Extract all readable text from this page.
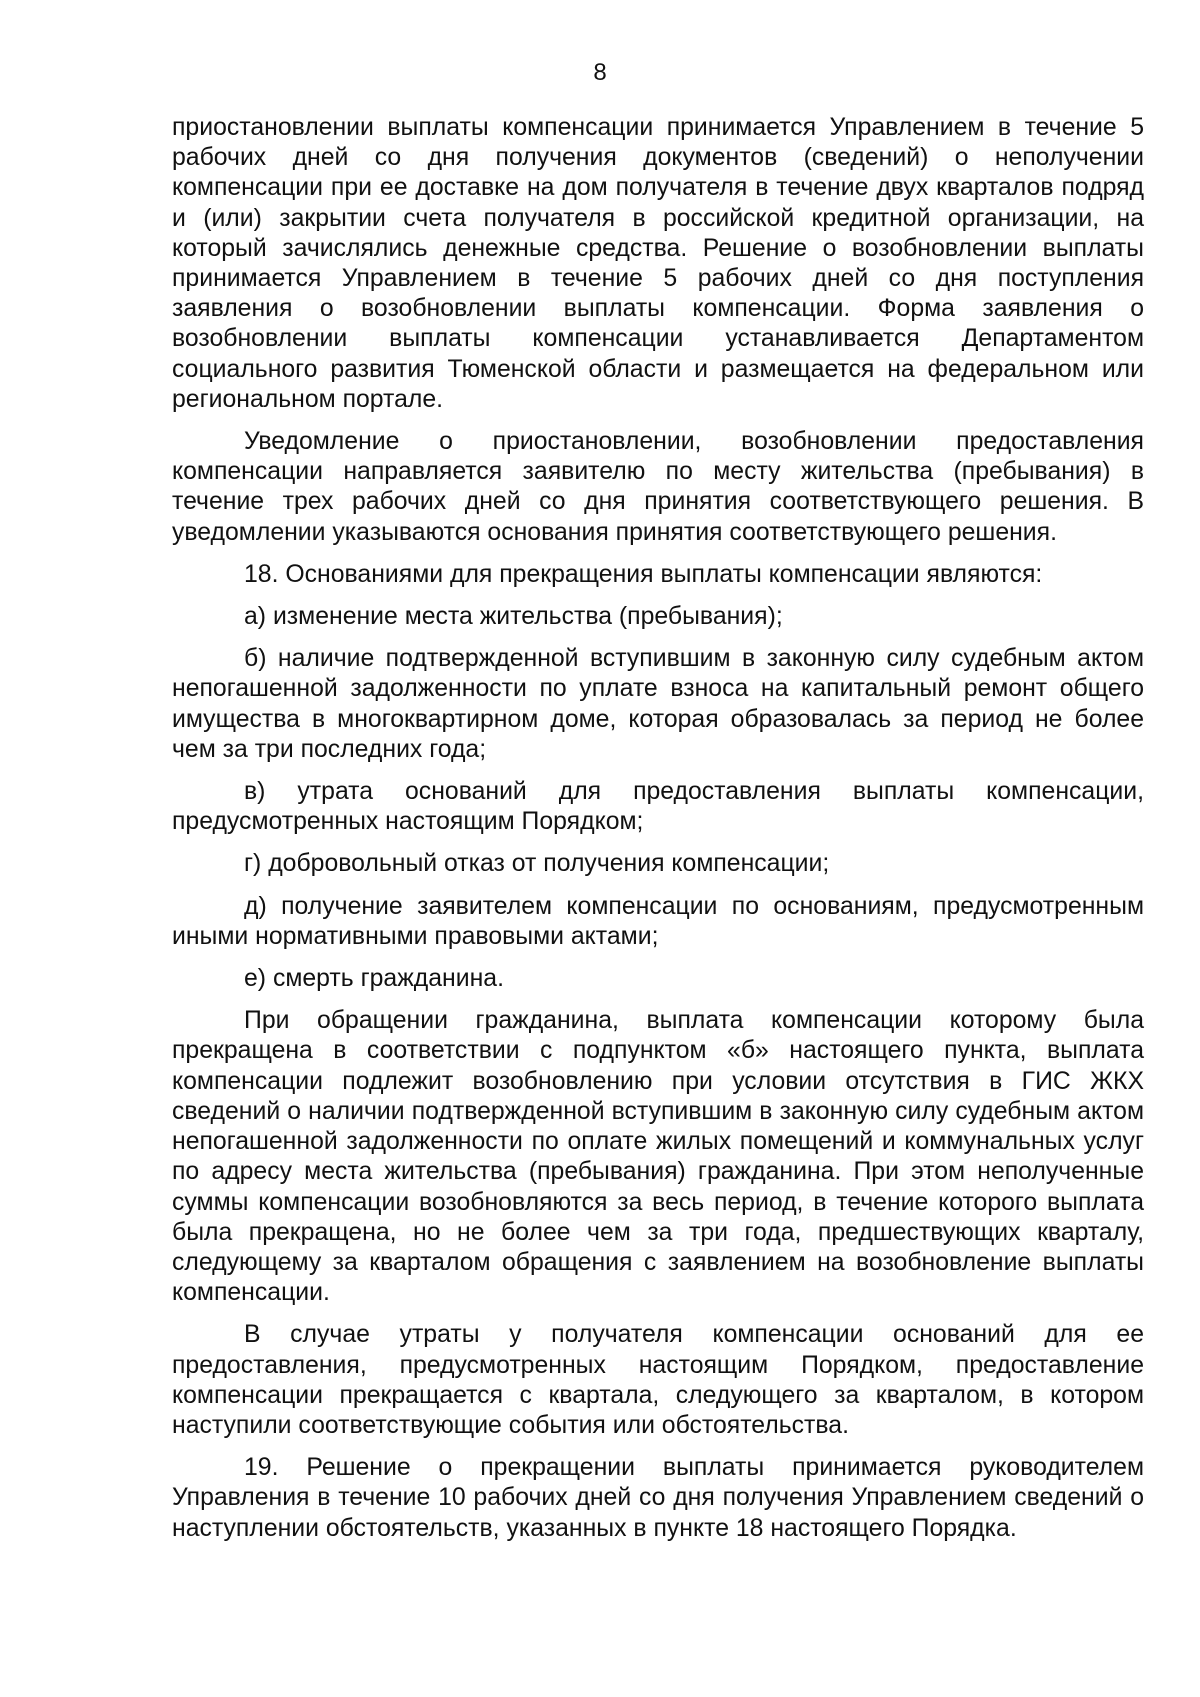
8

приостановлении выплаты компенсации принимается Управлением в течение 5 рабочих дней со дня получения документов (сведений) о неполучении компенсации при ее доставке на дом получателя в течение двух кварталов подряд и (или) закрытии счета получателя в российской кредитной организации, на который зачислялись денежные средства. Решение о возобновлении выплаты принимается Управлением в течение 5 рабочих дней со дня поступления заявления о возобновлении выплаты компенсации. Форма заявления о возобновлении выплаты компенсации устанавливается Департаментом социального развития Тюменской области и размещается на федеральном или региональном портале.

Уведомление о приостановлении, возобновлении предоставления компенсации направляется заявителю по месту жительства (пребывания) в течение трех рабочих дней со дня принятия соответствующего решения. В уведомлении указываются основания принятия соответствующего решения.

18. Основаниями для прекращения выплаты компенсации являются:

а) изменение места жительства (пребывания);

б) наличие подтвержденной вступившим в законную силу судебным актом непогашенной задолженности по уплате взноса на капитальный ремонт общего имущества в многоквартирном доме, которая образовалась за период не более чем за три последних года;

в) утрата оснований для предоставления выплаты компенсации, предусмотренных настоящим Порядком;

г) добровольный отказ от получения компенсации;

д) получение заявителем компенсации по основаниям, предусмотренным иными нормативными правовыми актами;

е) смерть гражданина.

При обращении гражданина, выплата компенсации которому была прекращена в соответствии с подпунктом «б» настоящего пункта, выплата компенсации подлежит возобновлению при условии отсутствия в ГИС ЖКХ сведений о наличии подтвержденной вступившим в законную силу судебным актом непогашенной задолженности по оплате жилых помещений и коммунальных услуг по адресу места жительства (пребывания) гражданина. При этом неполученные суммы компенсации возобновляются за весь период, в течение которого выплата была прекращена, но не более чем за три года, предшествующих кварталу, следующему за кварталом обращения с заявлением на возобновление выплаты компенсации.

В случае утраты у получателя компенсации оснований для ее предоставления, предусмотренных настоящим Порядком, предоставление компенсации прекращается с квартала, следующего за кварталом, в котором наступили соответствующие события или обстоятельства.

19. Решение о прекращении выплаты принимается руководителем Управления в течение 10 рабочих дней со дня получения Управлением сведений о наступлении обстоятельств, указанных в пункте 18 настоящего Порядка.
